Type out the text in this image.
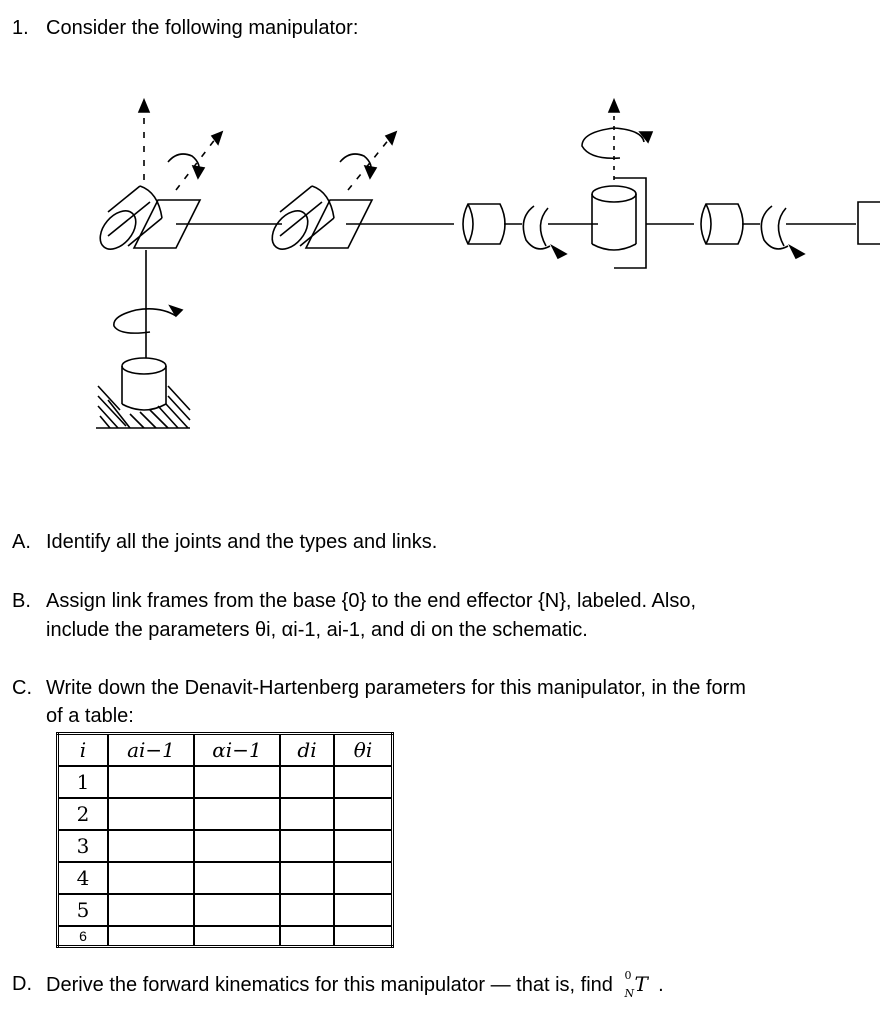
1. Consider the following manipulator:
A. Identify all the joints and the types and links.
B. Assign link frames from the base {0} to the end effector {N}, labeled. Also,
include the parameters θi, αi-1, ai-1, and di on the schematic.
C. Write down the Denavit-Hartenberg parameters for this manipulator, in the form
of a table:
i	ai−1	αi−1	di	θi
1				
2				
3				
4				
5				
6				
D. Derive the forward kinematics for this manipulator — that is, find 0
N T .
